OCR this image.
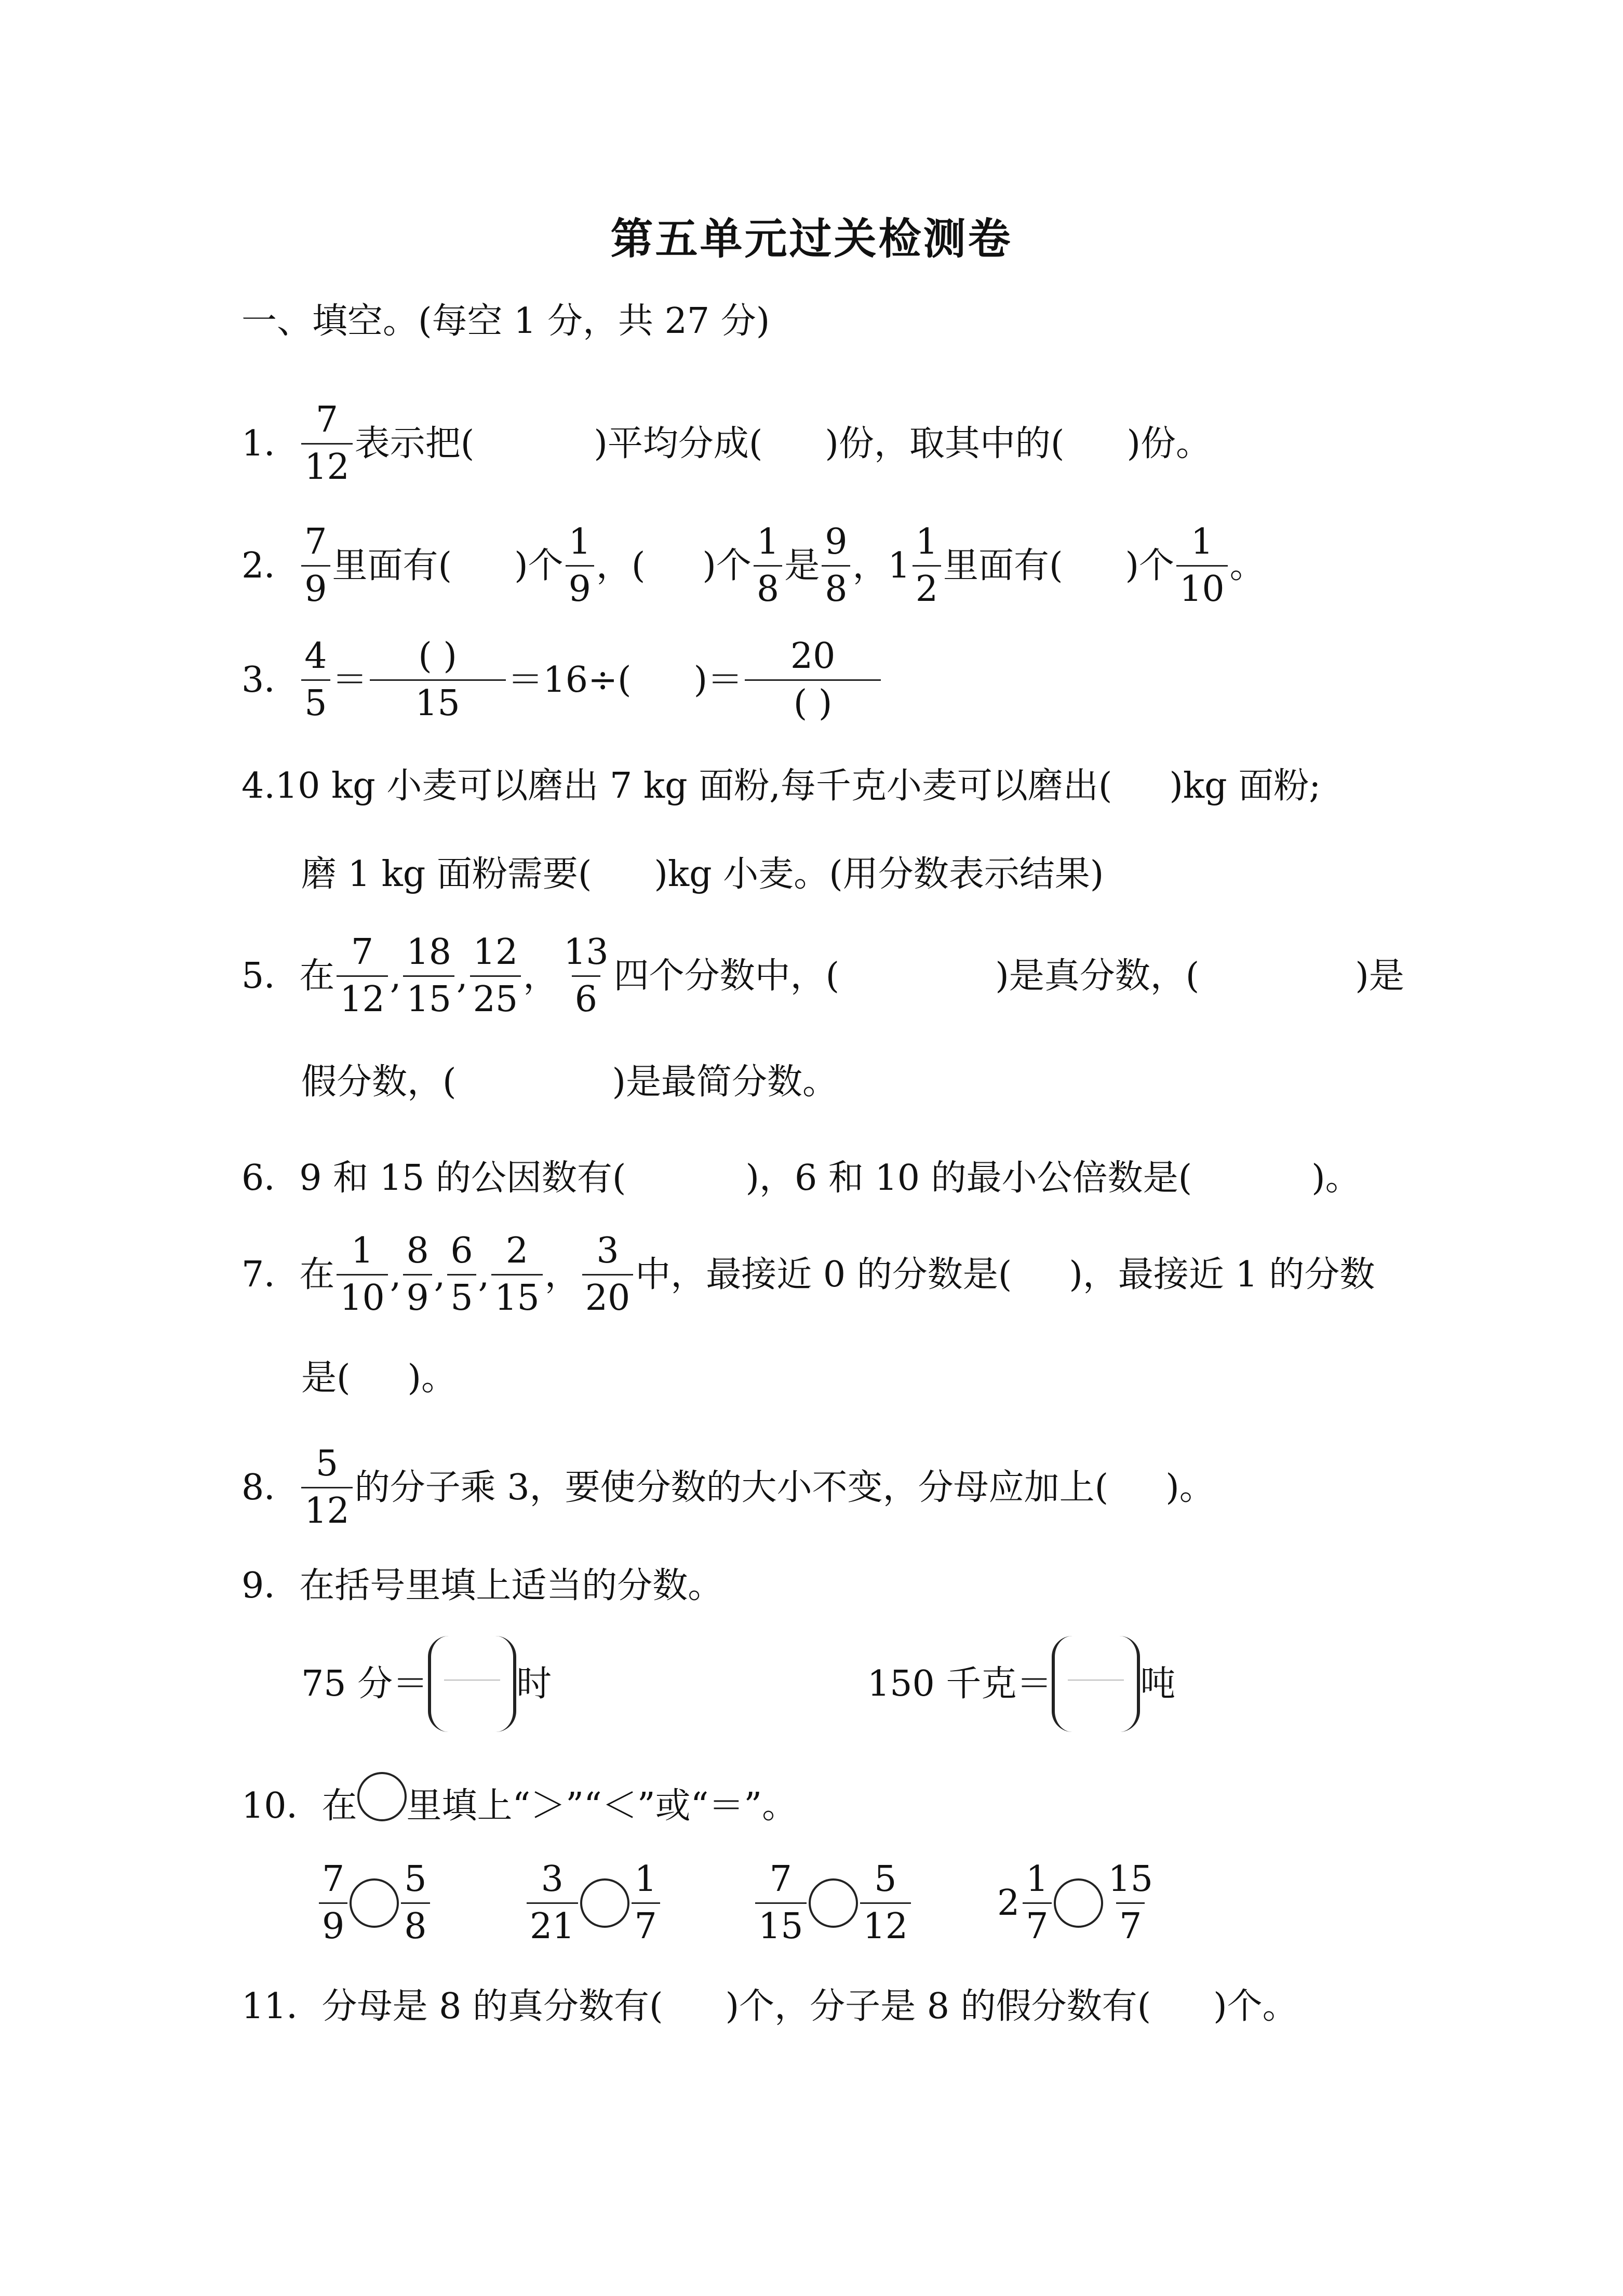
第五单元过关检测卷
一、填空。(每空 1 分，共 27 分)
1． $\frac{7}{12}$ 表示把(	)平均分成( )份，取其中的( )份。
2． $\frac{7}{9}$ 里面有( )个 $\frac{1}{9}$ ，( )个 $\frac{1}{8}$ 是 $\frac{9}{8}$ ，$1 \frac{1}{2}$ 里面有( )个 $\frac{1}{10}$ 。
3． $\frac{4}{5} = \frac{( )}{15} =16\div$( )＝ $\frac{20}{( )}$
4.10 kg 小麦可以磨出 7 kg 面粉,每千克小麦可以磨出( )kg 面粉;
磨 1 kg 面粉需要( )kg 小麦。(用分数表示结果)
5． 在 $\frac{7}{12}$ , $\frac{18}{15}$ , $\frac{12}{25}$ ， $\frac{13}{6}$ 四个分数中，(	)是真分数，(	)是
假分数，(	)是最简分数。
6．9 和 15 的公因数有(	)，6 和 10 的最小公倍数是(	)。
7． 在 $\frac{1}{10}$ , $\frac{8}{9}$ , $\frac{6}{5}$ , $\frac{2}{15}$ ， $\frac{3}{20}$ 中，最接近 0 的分数是( )，最接近 1 的分数
是( )。
8． $\frac{5}{12}$ 的分子乘 3，要使分数的大小不变，分母应加上( )。
9．在括号里填上适当的分数。
75 分＝	时	150 千克＝	吨
10．在 里填上“＞”“＜”或“＝”。
$\frac{7}{9} \frac{5}{8}$	$\frac{3}{21} \frac{1}{7}$	$\frac{7}{15} \frac{5}{12} 2 \frac{1}{7} \frac{15}{7}$
11．分母是 8 的真分数有( )个，分子是 8 的假分数有( )个。
